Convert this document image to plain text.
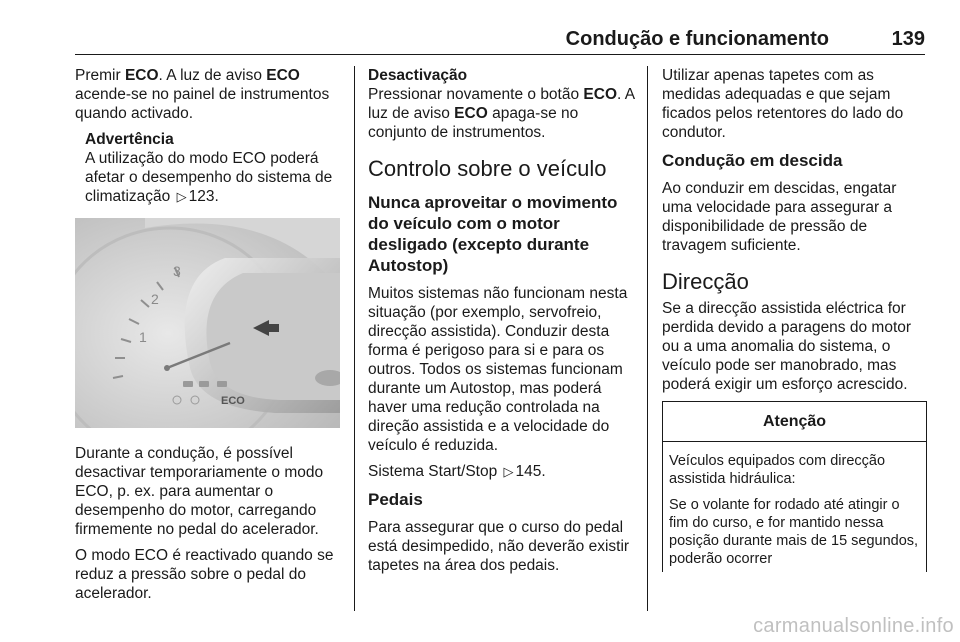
Condução e funcionamento	139

Premir ECO. A luz de aviso ECO acende-se no painel de instrumentos quando activado.

Advertência

A utilização do modo ECO poderá afetar o desempenho do sistema de climatização ▷ 123.

1
2
3
ECO

Durante a condução, é possível desactivar temporariamente o modo ECO, p. ex. para aumentar o desempenho do motor, carregando firmemente no pedal do acelerador.

O modo ECO é reactivado quando se reduz a pressão sobre o pedal do acelerador.

Desactivação

Pressionar novamente o botão ECO. A luz de aviso ECO apaga-se no conjunto de instrumentos.

Controlo sobre o veículo

Nunca aproveitar o movimento do veículo com o motor desligado (excepto durante Autostop)

Muitos sistemas não funcionam nesta situação (por exemplo, servofreio, direcção assistida). Conduzir desta forma é perigoso para si e para os outros. Todos os sistemas funcionam durante um Autostop, mas poderá haver uma redução controlada na direção assistida e a velocidade do veículo é reduzida.

Sistema Start/Stop ▷ 145.

Pedais

Para assegurar que o curso do pedal está desimpedido, não deverão existir tapetes na área dos pedais.

Utilizar apenas tapetes com as medidas adequadas e que sejam ficados pelos retentores do lado do condutor.

Condução em descida

Ao conduzir em descidas, engatar uma velocidade para assegurar a disponibilidade de pressão de travagem suficiente.

Direcção

Se a direcção assistida eléctrica for perdida devido a paragens do motor ou a uma anomalia do sistema, o veículo pode ser manobrado, mas poderá exigir um esforço acrescido.

Atenção

Veículos equipados com direcção assistida hidráulica:

Se o volante for rodado até atingir o fim do curso, e for mantido nessa posição durante mais de 15 segundos, poderão ocorrer

carmanualsonline.info
